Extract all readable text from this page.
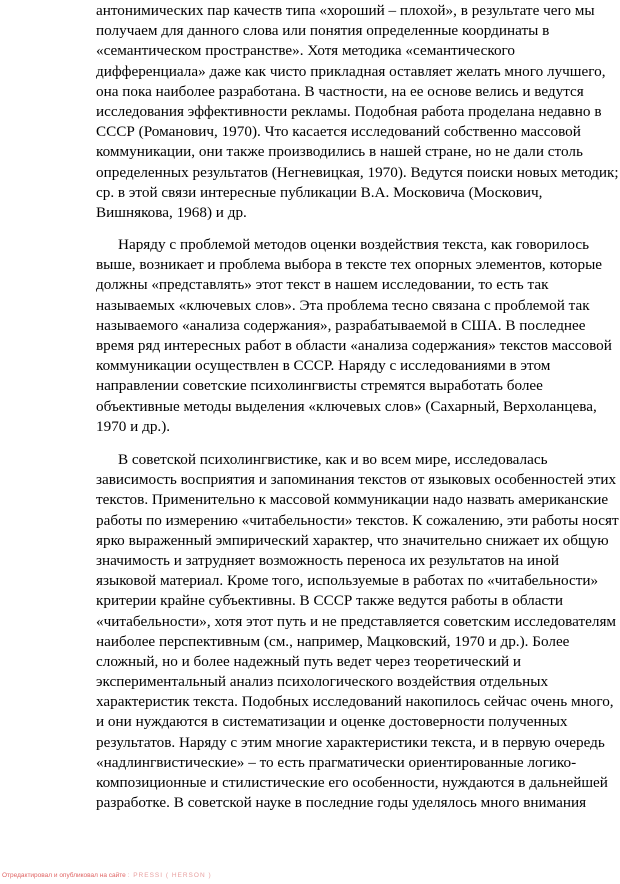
антонимических пар качеств типа «хороший – плохой», в результате чего мы
получаем для данного слова или понятия определенные координаты в
«семантическом пространстве». Хотя методика «семантического
дифференциала» даже как чисто прикладная оставляет желать много лучшего,
она пока наиболее разработана. В частности, на ее основе велись и ведутся
исследования эффективности рекламы. Подобная работа проделана недавно в
СССР (Романович, 1970). Что касается исследований собственно массовой
коммуникации, они также производились в нашей стране, но не дали столь
определенных результатов (Негневицкая, 1970). Ведутся поиски новых методик;
ср. в этой связи интересные публикации В.А. Московича (Москович,
Вишнякова, 1968) и др.
Наряду с проблемой методов оценки воздействия текста, как говорилось
выше, возникает и проблема выбора в тексте тех опорных элементов, которые
должны «представлять» этот текст в нашем исследовании, то есть так
называемых «ключевых слов». Эта проблема тесно связана с проблемой так
называемого «анализа содержания», разрабатываемой в США. В последнее
время ряд интересных работ в области «анализа содержания» текстов массовой
коммуникации осуществлен в СССР. Наряду с исследованиями в этом
направлении советские психолингвисты стремятся выработать более
объективные методы выделения «ключевых слов» (Сахарный, Верхоланцева,
1970 и др.).
В советской психолингвистике, как и во всем мире, исследовалась
зависимость восприятия и запоминания текстов от языковых особенностей этих
текстов. Применительно к массовой коммуникации надо назвать американские
работы по измерению «читабельности» текстов. К сожалению, эти работы носят
ярко выраженный эмпирический характер, что значительно снижает их общую
значимость и затрудняет возможность переноса их результатов на иной
языковой материал. Кроме того, используемые в работах по «читабельности»
критерии крайне субъективны. В СССР также ведутся работы в области
«читабельности», хотя этот путь и не представляется советским исследователям
наиболее перспективным (см., например, Мацковский, 1970 и др.). Более
сложный, но и более надежный путь ведет через теоретический и
экспериментальный анализ психологического воздействия отдельных
характеристик текста. Подобных исследований накопилось сейчас очень много,
и они нуждаются в систематизации и оценке достоверности полученных
результатов. Наряду с этим многие характеристики текста, и в первую очередь
«надлингвистические» – то есть прагматически ориентированные логико-
композиционные и стилистические его особенности, нуждаются в дальнейшей
разработке. В советской науке в последние годы уделялось много внимания
Отредактировал и опубликовал на сайте : PRESSI ( HERSON )
